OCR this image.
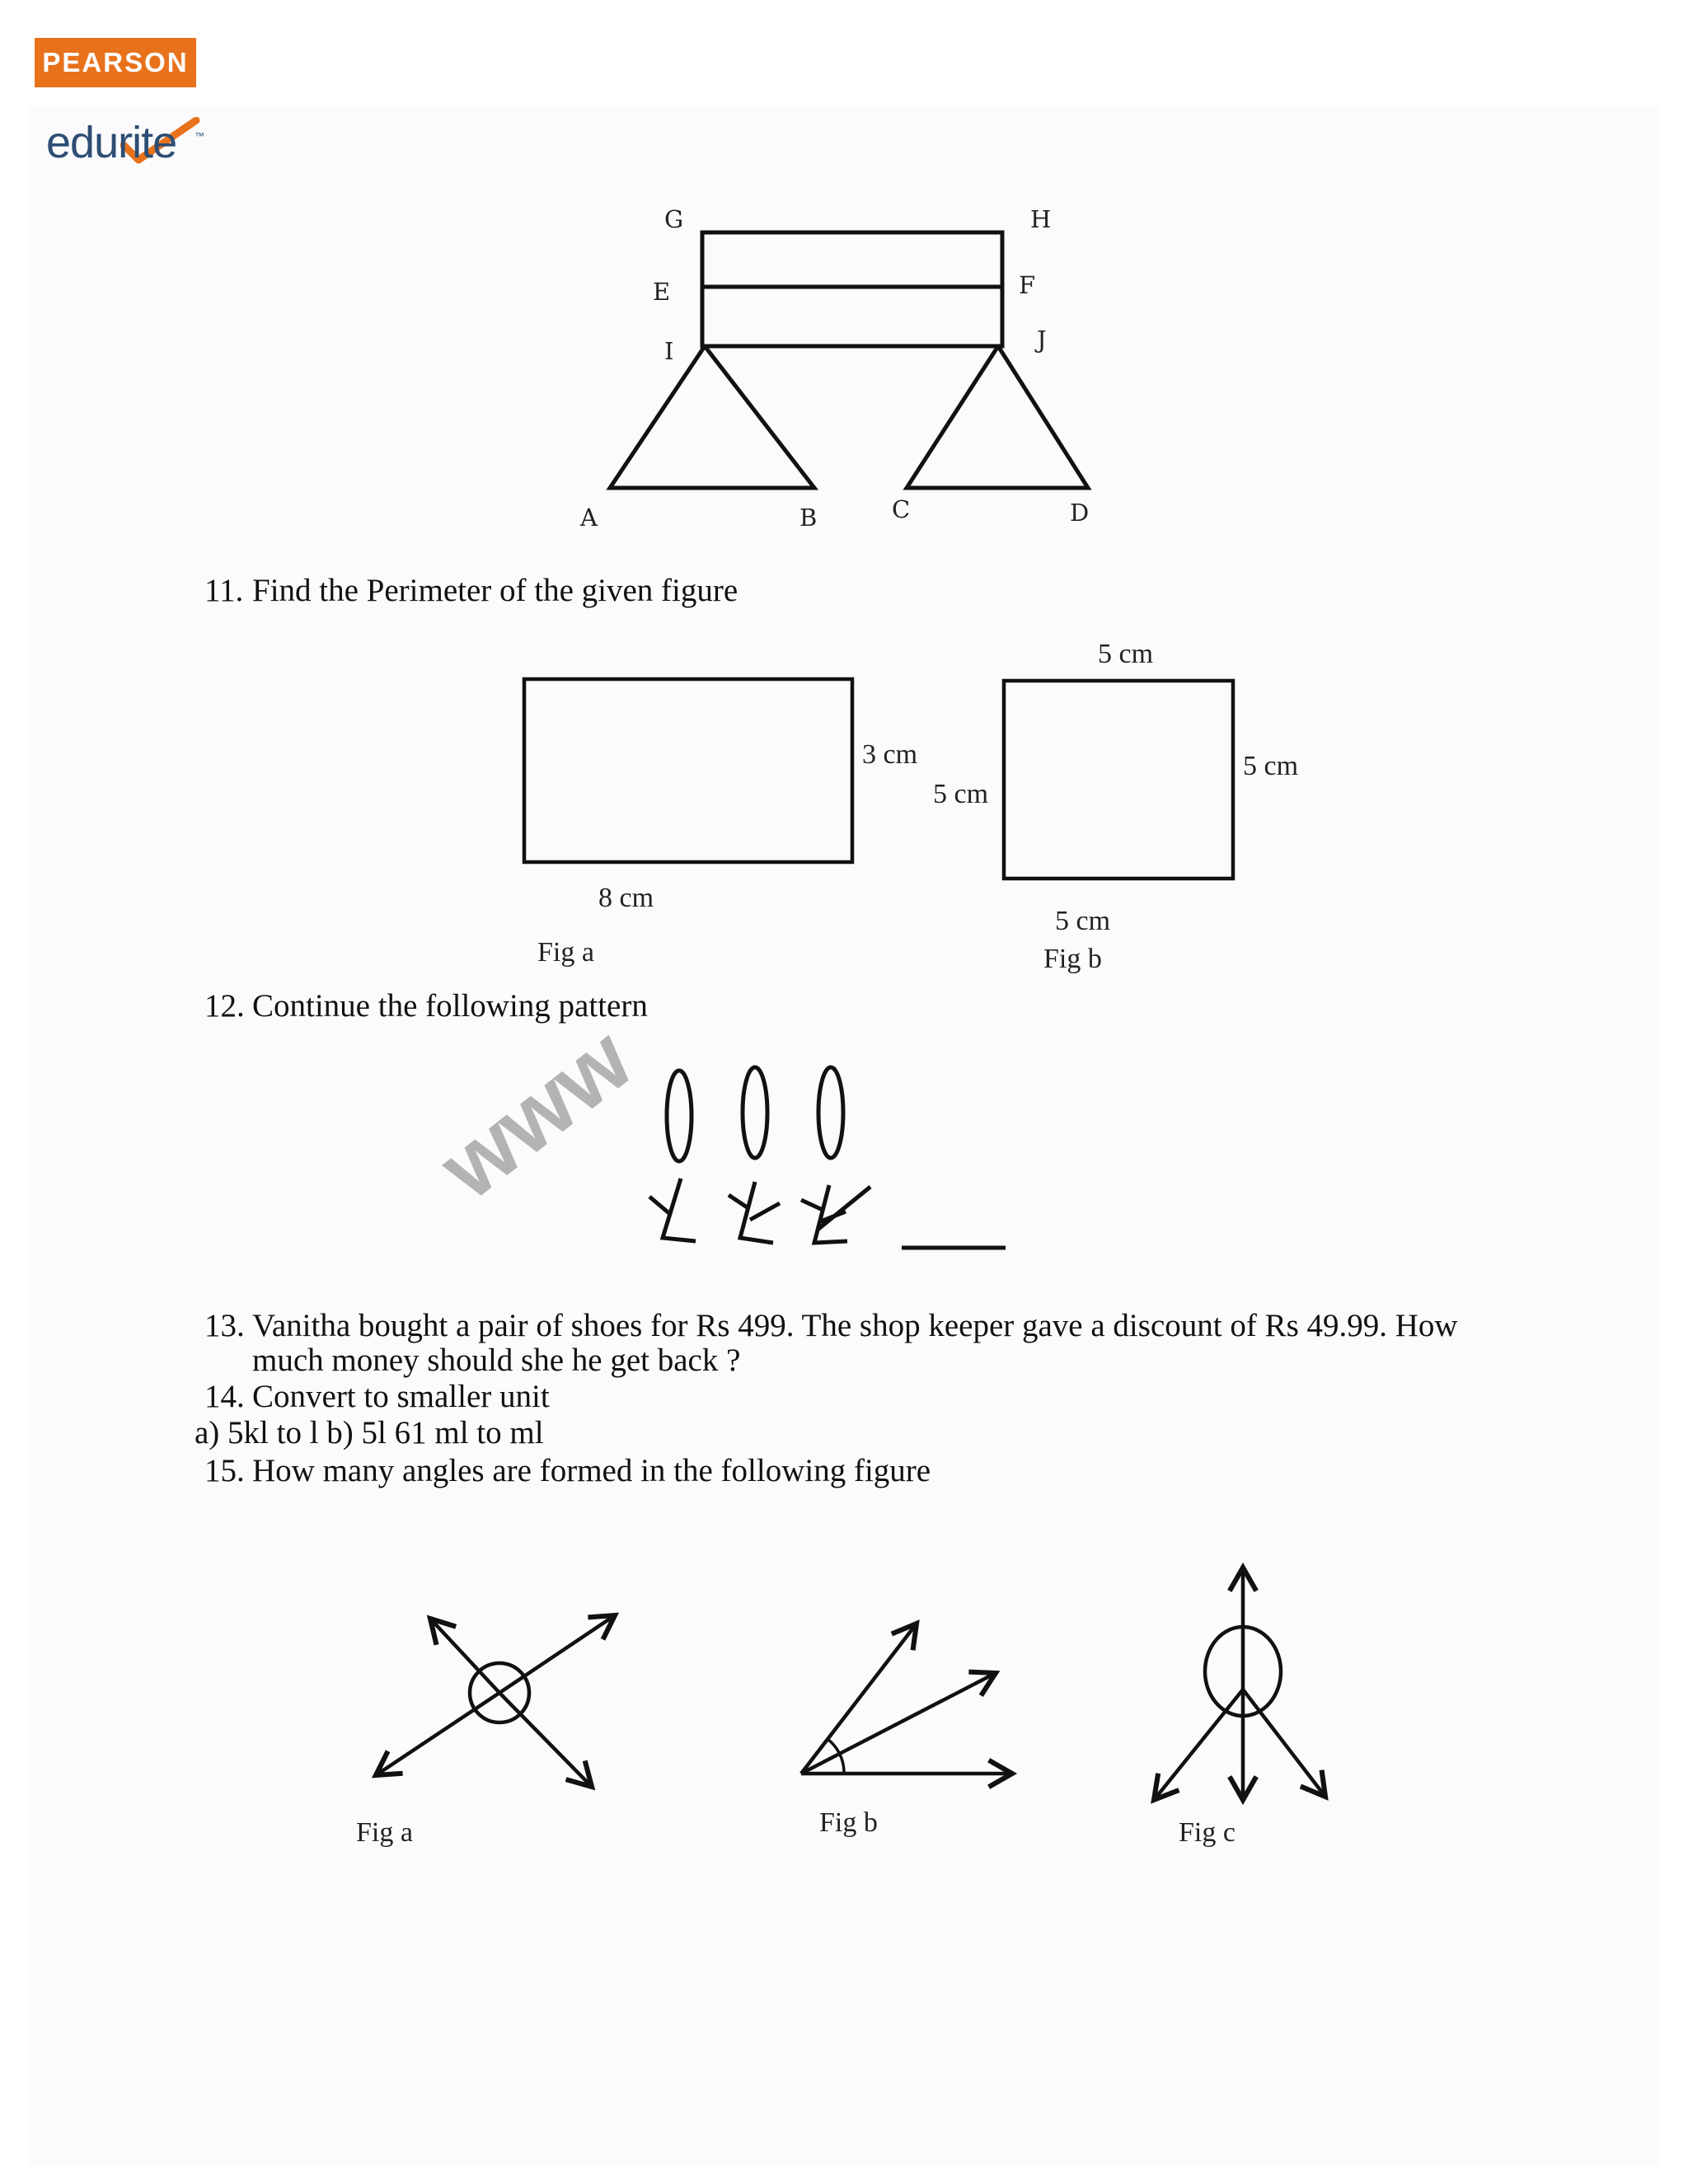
PEARSON
edurite ™
G	H
E	F
I	J
A	B	C	D
11. Find the Perimeter of the given figure
3 cm
8 cm
Fig a
5 cm
5 cm
5 cm
5 cm
Fig b
12. Continue the following pattern
www
13. Vanitha bought a pair of shoes for Rs 499. The shop keeper gave a discount of Rs 49.99. How
much money should she he get back ?
14. Convert to smaller unit
a) 5kl to l b) 5l 61 ml to ml
15. How many angles are formed in the following figure
Fig a	Fig b	Fig c
